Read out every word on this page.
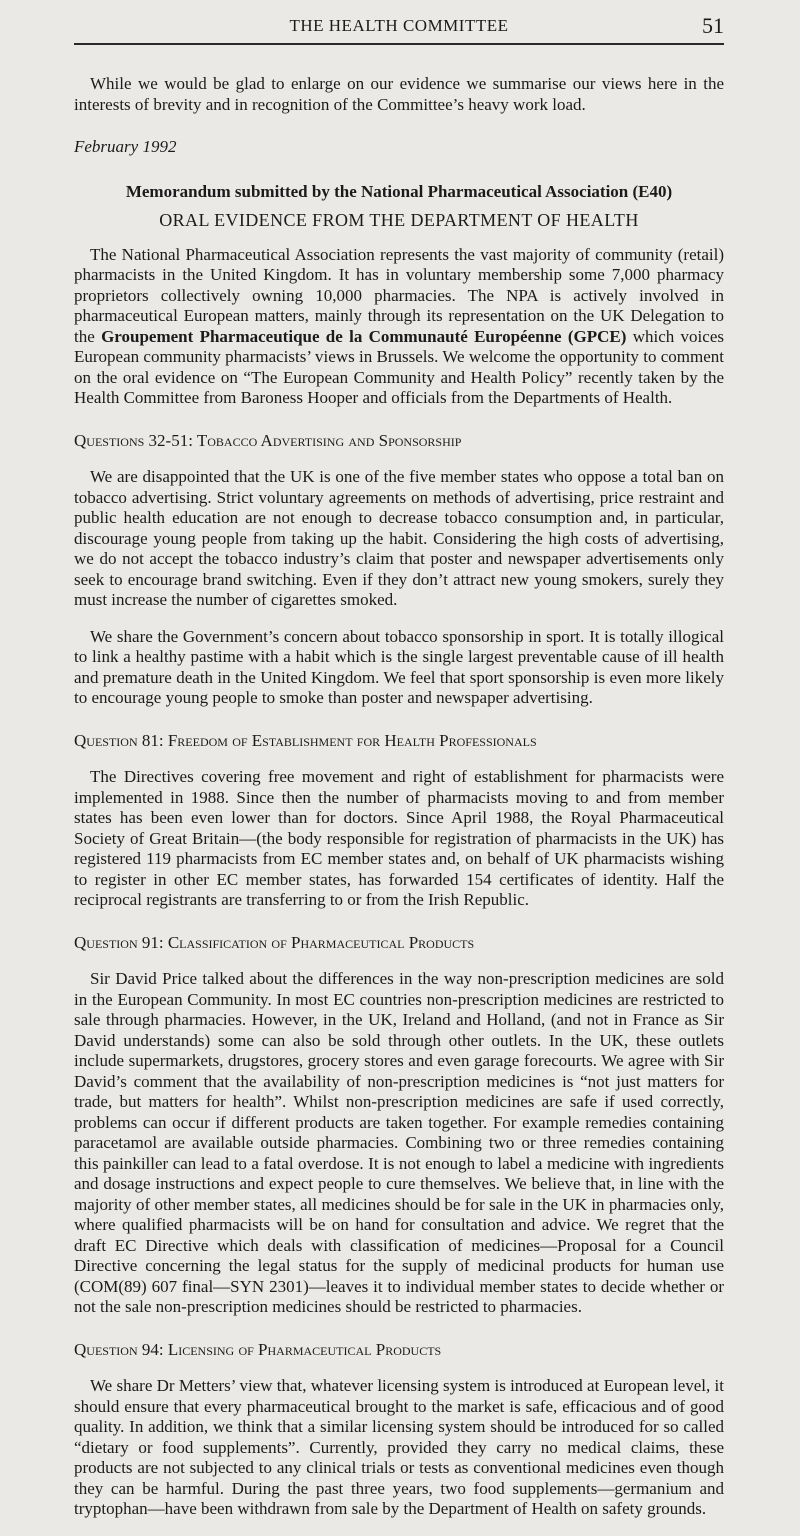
THE HEALTH COMMITTEE	51

While we would be glad to enlarge on our evidence we summarise our views here in the interests of brevity and in recognition of the Committee’s heavy work load.

February 1992

Memorandum submitted by the National Pharmaceutical Association (E40)

ORAL EVIDENCE FROM THE DEPARTMENT OF HEALTH

The National Pharmaceutical Association represents the vast majority of community (retail) pharmacists in the United Kingdom. It has in voluntary membership some 7,000 pharmacy proprietors collectively owning 10,000 pharmacies. The NPA is actively involved in pharmaceutical European matters, mainly through its representation on the UK Delegation to the Groupement Pharmaceutique de la Communauté Européenne (GPCE) which voices European community pharmacists’ views in Brussels. We welcome the opportunity to comment on the oral evidence on “The European Community and Health Policy” recently taken by the Health Committee from Baroness Hooper and officials from the Departments of Health.

Questions 32-51: Tobacco Advertising and Sponsorship

We are disappointed that the UK is one of the five member states who oppose a total ban on tobacco advertising. Strict voluntary agreements on methods of advertising, price restraint and public health education are not enough to decrease tobacco consumption and, in particular, discourage young people from taking up the habit. Considering the high costs of advertising, we do not accept the tobacco industry’s claim that poster and newspaper advertisements only seek to encourage brand switching. Even if they don’t attract new young smokers, surely they must increase the number of cigarettes smoked.

We share the Government’s concern about tobacco sponsorship in sport. It is totally illogical to link a healthy pastime with a habit which is the single largest preventable cause of ill health and premature death in the United Kingdom. We feel that sport sponsorship is even more likely to encourage young people to smoke than poster and newspaper advertising.

Question 81: Freedom of Establishment for Health Professionals

The Directives covering free movement and right of establishment for pharmacists were implemented in 1988. Since then the number of pharmacists moving to and from member states has been even lower than for doctors. Since April 1988, the Royal Pharmaceutical Society of Great Britain—(the body responsible for registration of pharmacists in the UK) has registered 119 pharmacists from EC member states and, on behalf of UK pharmacists wishing to register in other EC member states, has forwarded 154 certificates of identity. Half the reciprocal registrants are transferring to or from the Irish Republic.

Question 91: Classification of Pharmaceutical Products

Sir David Price talked about the differences in the way non-prescription medicines are sold in the European Community. In most EC countries non-prescription medicines are restricted to sale through pharmacies. However, in the UK, Ireland and Holland, (and not in France as Sir David understands) some can also be sold through other outlets. In the UK, these outlets include supermarkets, drugstores, grocery stores and even garage forecourts. We agree with Sir David’s comment that the availability of non-prescription medicines is “not just matters for trade, but matters for health”. Whilst non-prescription medicines are safe if used correctly, problems can occur if different products are taken together. For example remedies containing paracetamol are available outside pharmacies. Combining two or three remedies containing this painkiller can lead to a fatal overdose. It is not enough to label a medicine with ingredients and dosage instructions and expect people to cure themselves. We believe that, in line with the majority of other member states, all medicines should be for sale in the UK in pharmacies only, where qualified pharmacists will be on hand for consultation and advice. We regret that the draft EC Directive which deals with classification of medicines—Proposal for a Council Directive concerning the legal status for the supply of medicinal products for human use (COM(89) 607 final—SYN 2301)—leaves it to individual member states to decide whether or not the sale non-prescription medicines should be restricted to pharmacies.

Question 94: Licensing of Pharmaceutical Products

We share Dr Metters’ view that, whatever licensing system is introduced at European level, it should ensure that every pharmaceutical brought to the market is safe, efficacious and of good quality. In addition, we think that a similar licensing system should be introduced for so called “dietary or food supplements”. Currently, provided they carry no medical claims, these products are not subjected to any clinical trials or tests as conventional medicines even though they can be harmful. During the past three years, two food supplements—germanium and tryptophan—have been withdrawn from sale by the Department of Health on safety grounds.
